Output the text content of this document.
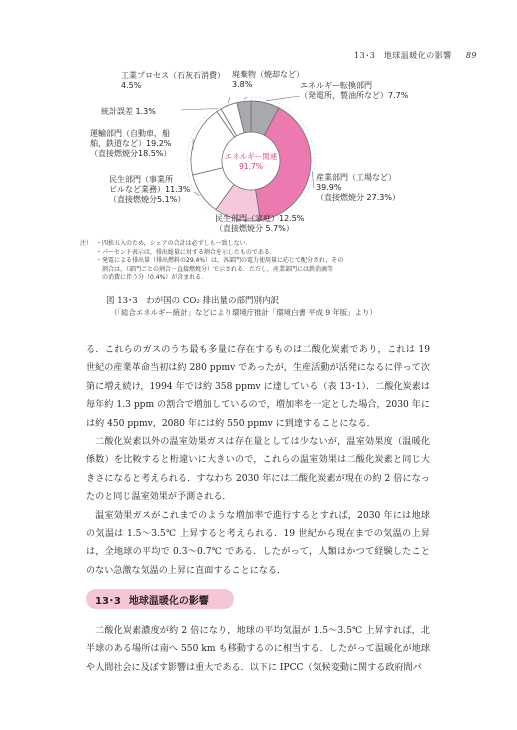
13･3　地球温暖化の影響 89
エネルギー転換部門（発電所，製油所など）7.7%
産業部門（工場など） 39.9%（直接燃焼分 27.3%）
民生部門（家庭）12.5%（直接燃焼分 5.7%）
民生部門（事業所ビルなど業務）11.3%（直接燃焼分5.1%）
運輸部門（自動車，船舶，鉄道など）19.2%（直接燃焼分18.5%）
統計誤差 1.3%
工業プロセス（石灰石消費） 4.5%
廃棄物（焼却など） 3.8%
エネルギー関連 91.7%
注） ・四捨五入のため，シェアの合計は必ずしも一致しない．
・パーセント表示は，排出総量に対する割合を示したものである．
・発電による排出量（排出燃料の29.4%）は，各部門の電力使用量に応じて配分され，その
　割合は，（部門ごとの割合－直接燃焼分）で示される．ただし，産業部門には鉄消滴等
　の消費に伴う分（0.4%）が含まれる．
図 13･3　わが国の CO₂ 排出量の部門別内訳
（「総合エネルギー統計」などにより環境庁推計「環境白書 平成 9 年版」より）

る．これらのガスのうち最も多量に存在するものは二酸化炭素であり，これは 19 世紀の産業革命当初は約 280 ppmv であったが，生産活動が活発になるに伴って次第に増え続け，1994 年では約 358 ppmv に達している（表 13･1）．二酸化炭素は毎年約 1.3 ppm の割合で増加しているので，増加率を一定とした場合，2030 年には約 450 ppmv，2080 年には約 550 ppmv に到達することになる．

二酸化炭素以外の温室効果ガスは存在量としては少ないが，温室効果度（温暖化係数）を比較すると桁違いに大きいので，これらの温室効果は二酸化炭素と同じ大きさになると考えられる．すなわち 2030 年には二酸化炭素が現在の約 2 倍になったのと同じ温室効果が予測される．

温室効果ガスがこれまでのような増加率で進行するとすれば，2030 年には地球の気温は 1.5～3.5℃ 上昇すると考えられる．19 世紀から現在までの気温の上昇は，全地球の平均で 0.3～0.7℃ である．したがって，人類はかつて経験したことのない急激な気温の上昇に直面することになる．

13･3 地球温暖化の影響

二酸化炭素濃度が約 2 倍になり，地球の平均気温が 1.5～3.5℃ 上昇すれば，北半球のある場所は南へ 550 km も移動するのに相当する．したがって温暖化が地球や人間社会に及ぼす影響は重大である．以下に IPCC（気候変動に関する政府間パ
